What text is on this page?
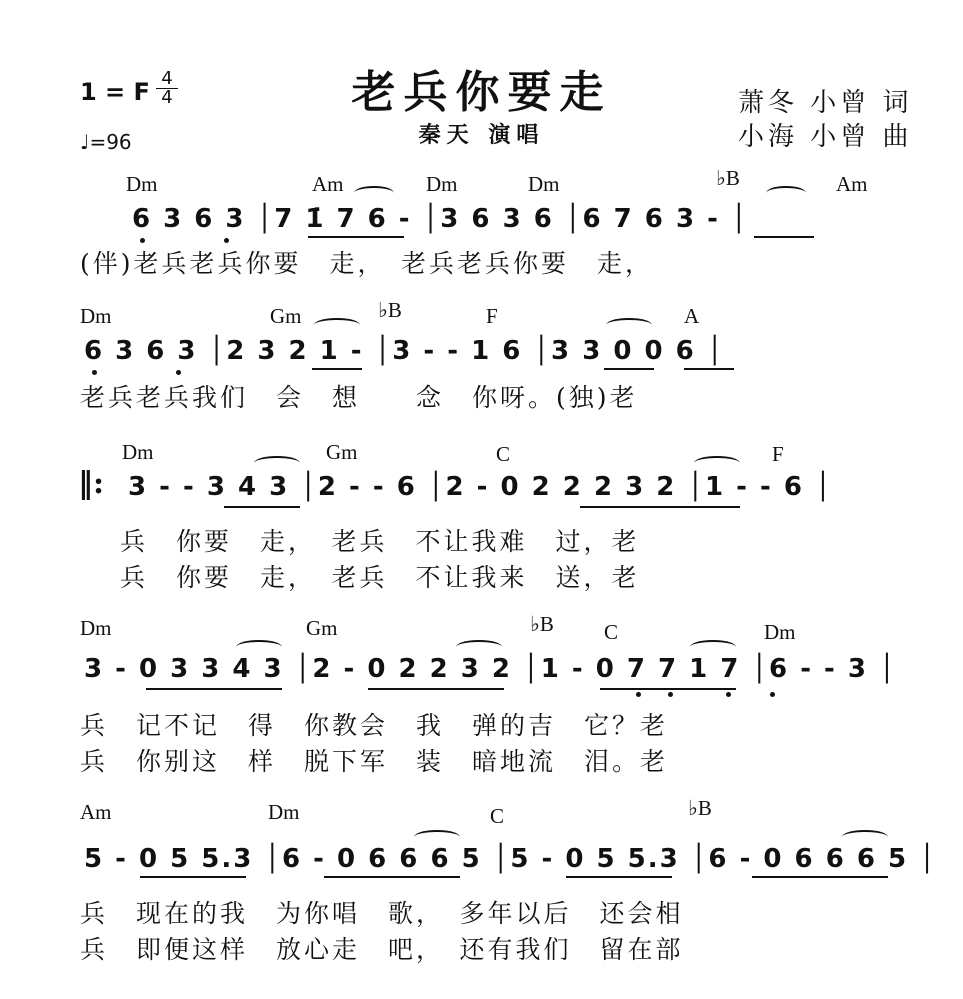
老兵你要走
秦天 演唱
萧冬 小曾 词
小海 小曾 曲
1 = F $\frac{4}{4}$
♩=96
Dm	Am	Dm	Dm	♭B	Am
6 3 6 3 │7 1̇ 7 6 - │3 6 3 6 │6 7 6 3 - │
(伴)老兵老兵你要　走，　老兵老兵你要　走，
Dm	Gm	♭B	F	A
6 3 6 3 │2 3 2 1 - │3 - - 1 6 │3 3 0 0 6 │
老兵老兵我们　会　想　　念　你呀。(独)老
‖:
Dm	Gm	C	F
3 - - 3 4 3 │2 - - 6 │2 - 0 2 2 2 3 2 │1 - - 6 │
兵　你要　走，　老兵　不让我难　过，老
兵　你要　走，　老兵　不让我来　送，老
Dm	Gm	♭B C	Dm
3 - 0 3 3 4 3 │2 - 0 2 2 3 2 │1 - 0 7 7 1 7 │6 - - 3 │
兵　记不记　得　你教会　我　弹的吉　它？老
兵　你别这　样　脱下军　装　暗地流　泪。老
Am	Dm	C	♭B
5 - 0 5 5.3 │6 - 0 6 6 6 5 │5 - 0 5 5.3 │6 - 0 6 6 6 5 │
兵　现在的我　为你唱　歌，　多年以后　还会相
兵　即便这样　放心走　吧，　还有我们　留在部
